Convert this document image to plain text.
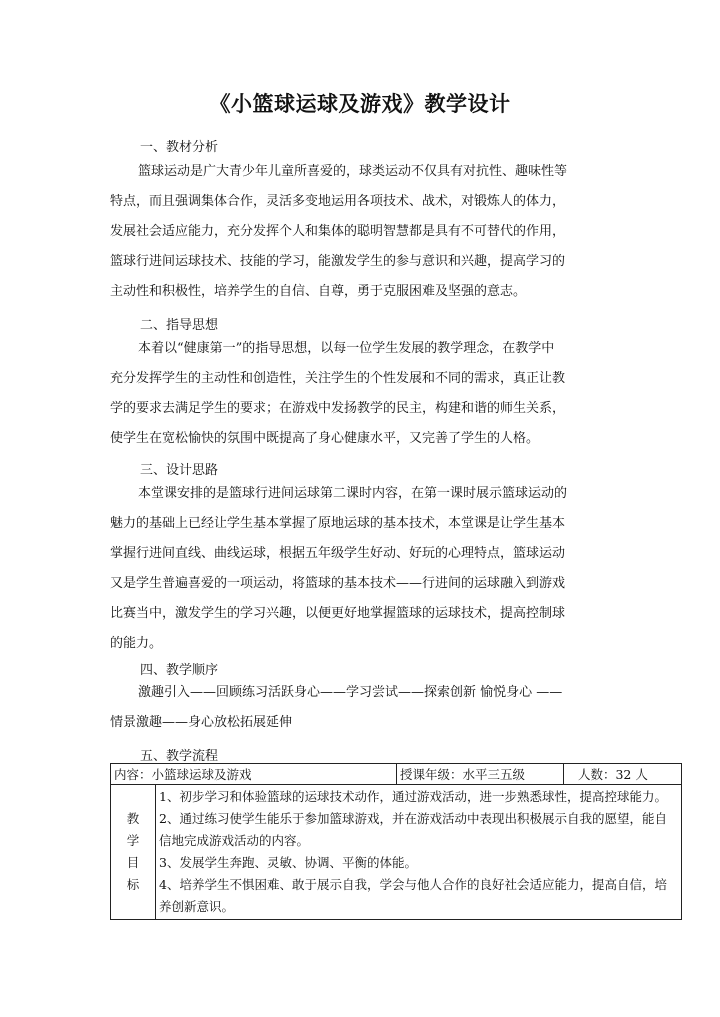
《小篮球运球及游戏》教学设计
一、教材分析
篮球运动是广大青少年儿童所喜爱的，球类运动不仅具有对抗性、趣味性等
特点，而且强调集体合作，灵活多变地运用各项技术、战术，对锻炼人的体力，
发展社会适应能力，充分发挥个人和集体的聪明智慧都是具有不可替代的作用，
篮球行进间运球技术、技能的学习，能激发学生的参与意识和兴趣，提高学习的
主动性和积极性，培养学生的自信、自尊，勇于克服困难及坚强的意志。
二、指导思想
本着以“健康第一”的指导思想，以每一位学生发展的教学理念，在教学中
充分发挥学生的主动性和创造性，关注学生的个性发展和不同的需求，真正让教
学的要求去满足学生的要求；在游戏中发扬教学的民主，构建和谐的师生关系，
使学生在宽松愉快的氛围中既提高了身心健康水平，又完善了学生的人格。
三、设计思路
本堂课安排的是篮球行进间运球第二课时内容，在第一课时展示篮球运动的
魅力的基础上已经让学生基本掌握了原地运球的基本技术，本堂课是让学生基本
掌握行进间直线、曲线运球，根据五年级学生好动、好玩的心理特点，篮球运动
又是学生普遍喜爱的一项运动，将篮球的基本技术——行进间的运球融入到游戏
比赛当中，激发学生的学习兴趣，以便更好地掌握篮球的运球技术，提高控制球
的能力。
四、教学顺序
激趣引入——回顾练习活跃身心——学习尝试——探索创新 愉悦身心 ——
情景激趣——身心放松拓展延伸
五、教学流程
内容：小篮球运球及游戏		授课年级：水平三五级	人数：32 人
教学目标	1、初步学习和体验篮球的运球技术动作，通过游戏活动，进一步熟悉球性，提高控球能力。
2、通过练习使学生能乐于参加篮球游戏，并在游戏活动中表现出积极展示自我的愿望，能自信地完成游戏活动的内容。
3、发展学生奔跑、灵敏、协调、平衡的体能。
4、培养学生不惧困难、敢于展示自我，学会与他人合作的良好社会适应能力，提高自信，培养创新意识。		
